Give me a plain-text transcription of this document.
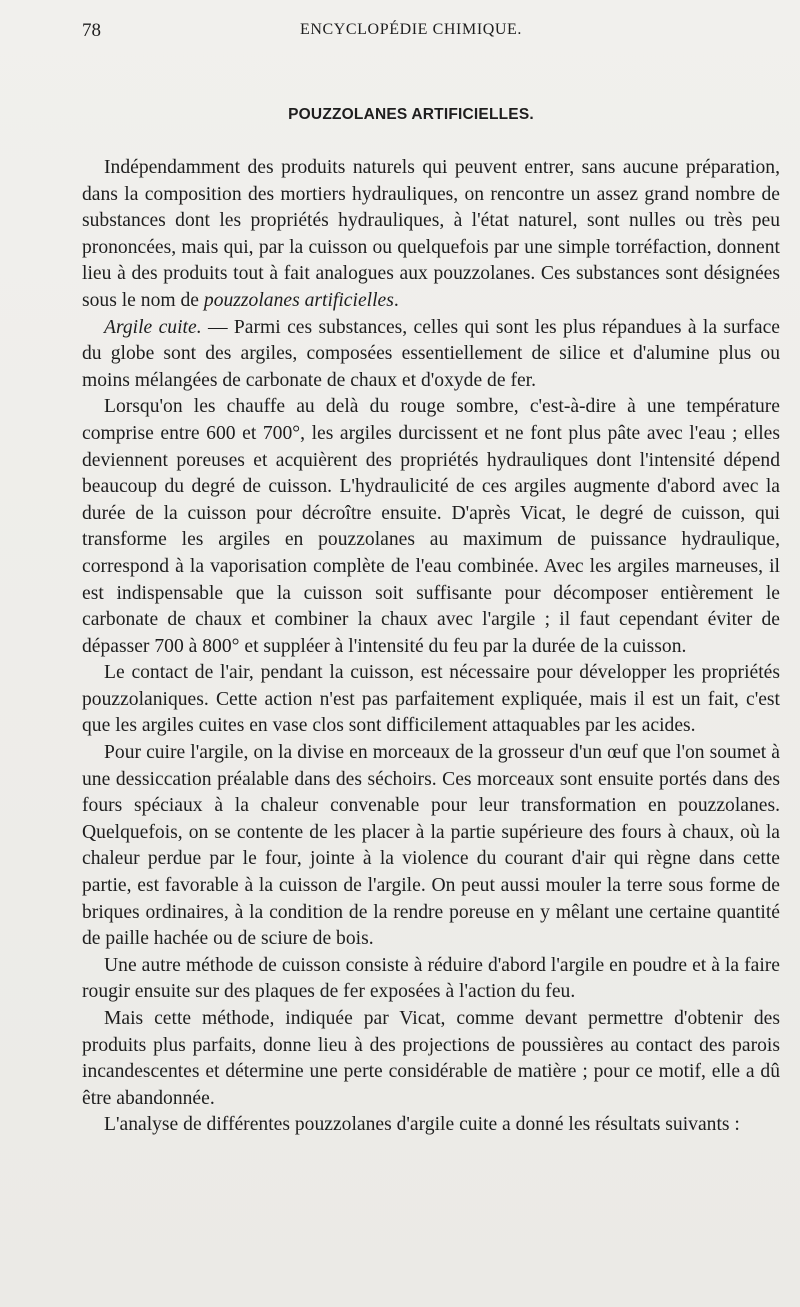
78	ENCYCLOPÉDIE CHIMIQUE.
POUZZOLANES ARTIFICIELLES.

Indépendamment des produits naturels qui peuvent entrer, sans aucune préparation, dans la composition des mortiers hydrauliques, on rencontre un assez grand nombre de substances dont les propriétés hydrauliques, à l'état naturel, sont nulles ou très peu prononcées, mais qui, par la cuisson ou quelquefois par une simple torréfaction, donnent lieu à des produits tout à fait analogues aux pouzzolanes. Ces substances sont désignées sous le nom de pouzzolanes artificielles.

Argile cuite. — Parmi ces substances, celles qui sont les plus répandues à la surface du globe sont des argiles, composées essentiellement de silice et d'alumine plus ou moins mélangées de carbonate de chaux et d'oxyde de fer.

Lorsqu'on les chauffe au delà du rouge sombre, c'est-à-dire à une température comprise entre 600 et 700°, les argiles durcissent et ne font plus pâte avec l'eau ; elles deviennent poreuses et acquièrent des propriétés hydrauliques dont l'intensité dépend beaucoup du degré de cuisson. L'hydraulicité de ces argiles augmente d'abord avec la durée de la cuisson pour décroître ensuite. D'après Vicat, le degré de cuisson, qui transforme les argiles en pouzzolanes au maximum de puissance hydraulique, correspond à la vaporisation complète de l'eau combinée. Avec les argiles marneuses, il est indispensable que la cuisson soit suffisante pour décomposer entièrement le carbonate de chaux et combiner la chaux avec l'argile ; il faut cependant éviter de dépasser 700 à 800° et suppléer à l'intensité du feu par la durée de la cuisson.

Le contact de l'air, pendant la cuisson, est nécessaire pour développer les propriétés pouzzolaniques. Cette action n'est pas parfaitement expliquée, mais il est un fait, c'est que les argiles cuites en vase clos sont difficilement attaquables par les acides.

Pour cuire l'argile, on la divise en morceaux de la grosseur d'un œuf que l'on soumet à une dessiccation préalable dans des séchoirs. Ces morceaux sont ensuite portés dans des fours spéciaux à la chaleur convenable pour leur transformation en pouzzolanes. Quelquefois, on se contente de les placer à la partie supérieure des fours à chaux, où la chaleur perdue par le four, jointe à la violence du courant d'air qui règne dans cette partie, est favorable à la cuisson de l'argile. On peut aussi mouler la terre sous forme de briques ordinaires, à la condition de la rendre poreuse en y mêlant une certaine quantité de paille hachée ou de sciure de bois.

Une autre méthode de cuisson consiste à réduire d'abord l'argile en poudre et à la faire rougir ensuite sur des plaques de fer exposées à l'action du feu.

Mais cette méthode, indiquée par Vicat, comme devant permettre d'obtenir des produits plus parfaits, donne lieu à des projections de poussières au contact des parois incandescentes et détermine une perte considérable de matière ; pour ce motif, elle a dû être abandonnée.

L'analyse de différentes pouzzolanes d'argile cuite a donné les résultats suivants :
